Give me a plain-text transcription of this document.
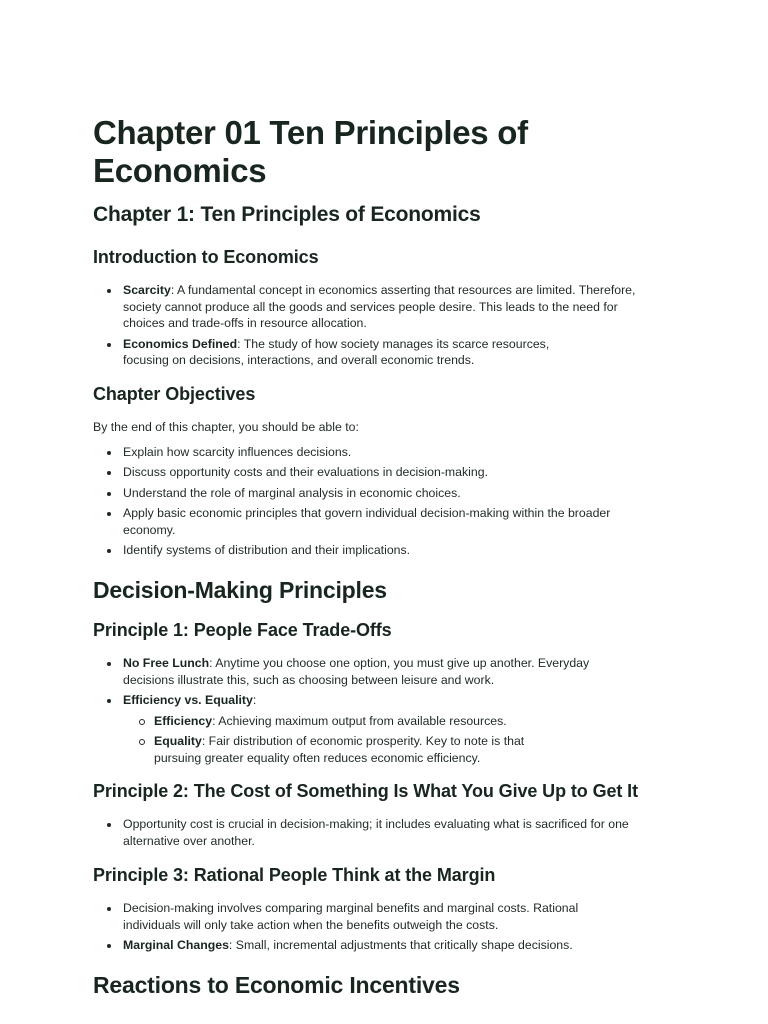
Chapter 01 Ten Principles of Economics
Chapter 1: Ten Principles of Economics
Introduction to Economics
Scarcity: A fundamental concept in economics asserting that resources are limited. Therefore, society cannot produce all the goods and services people desire. This leads to the need for choices and trade-offs in resource allocation.
Economics Defined: The study of how society manages its scarce resources, focusing on decisions, interactions, and overall economic trends.
Chapter Objectives

By the end of this chapter, you should be able to:

Explain how scarcity influences decisions.
Discuss opportunity costs and their evaluations in decision-making.
Understand the role of marginal analysis in economic choices.
Apply basic economic principles that govern individual decision-making within the broader economy.
Identify systems of distribution and their implications.
Decision-Making Principles
Principle 1: People Face Trade-Offs
No Free Lunch: Anytime you choose one option, you must give up another. Everyday decisions illustrate this, such as choosing between leisure and work.
Efficiency vs. Equality:
Efficiency: Achieving maximum output from available resources.
Equality: Fair distribution of economic prosperity. Key to note is that pursuing greater equality often reduces economic efficiency.
Principle 2: The Cost of Something Is What You Give Up to Get It
Opportunity cost is crucial in decision-making; it includes evaluating what is sacrificed for one alternative over another.
Principle 3: Rational People Think at the Margin
Decision-making involves comparing marginal benefits and marginal costs. Rational individuals will only take action when the benefits outweigh the costs.
Marginal Changes: Small, incremental adjustments that critically shape decisions.
Reactions to Economic Incentives
